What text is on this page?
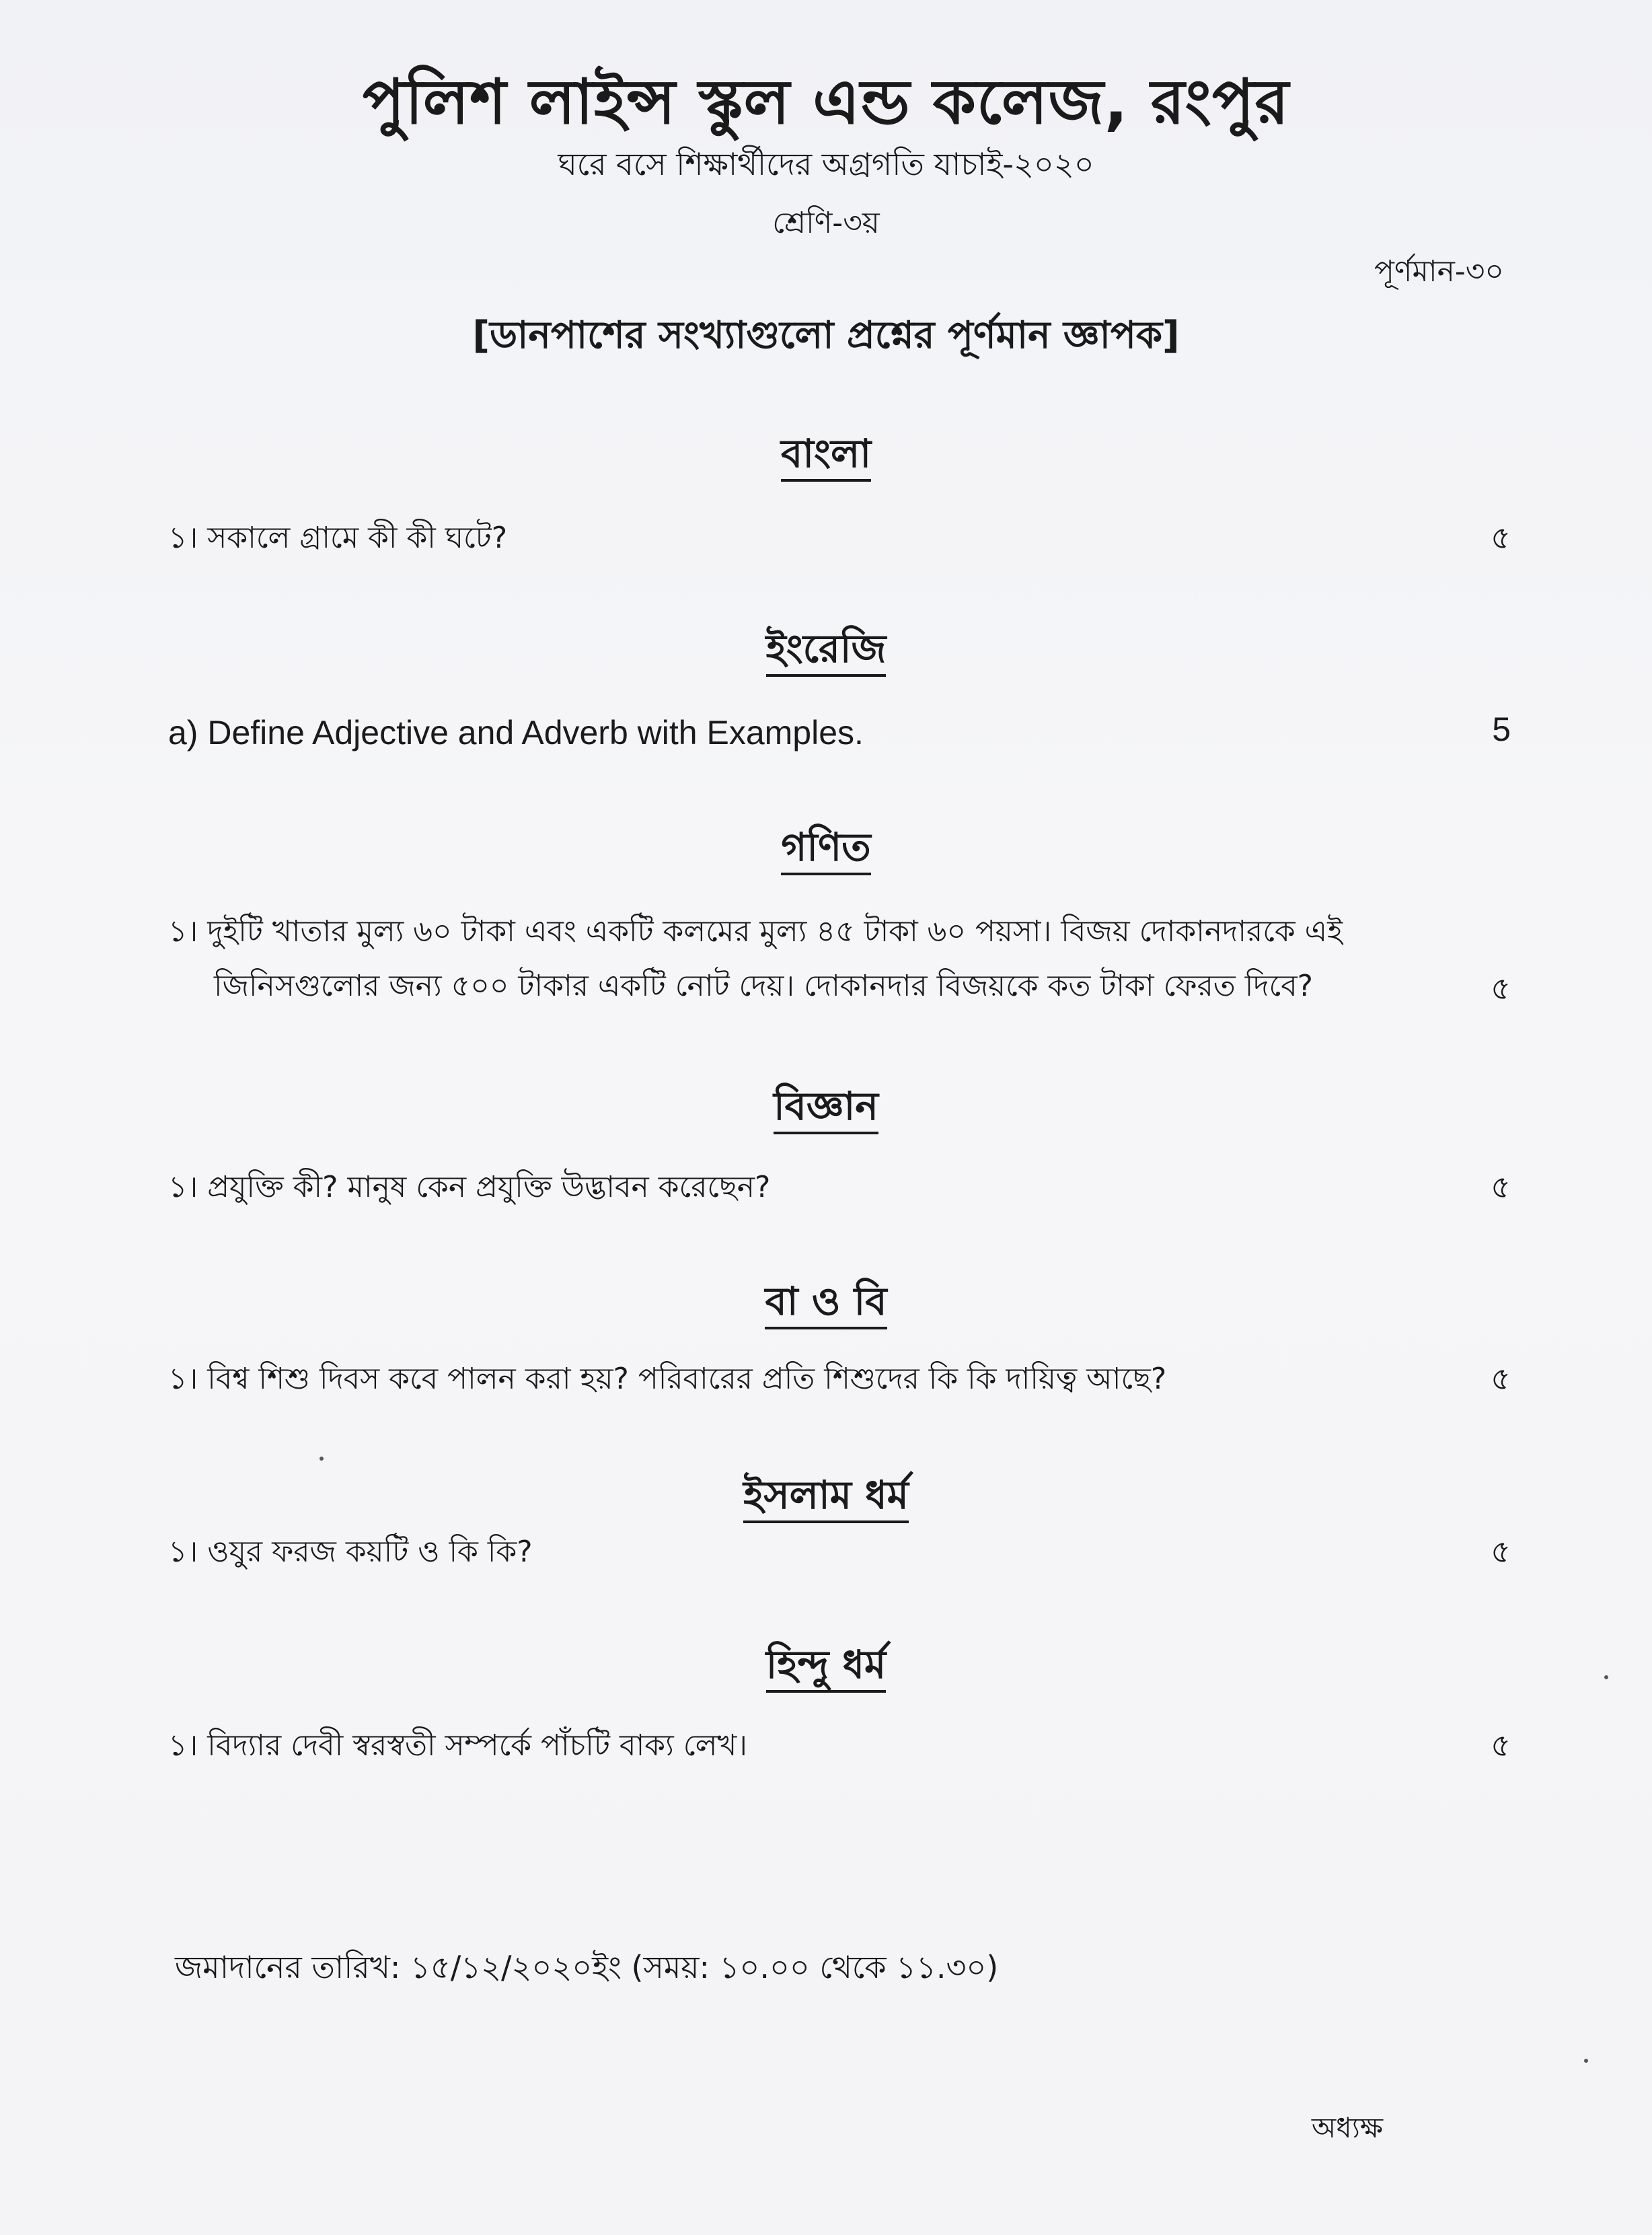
পুলিশ লাইন্স স্কুল এন্ড কলেজ, রংপুর
ঘরে বসে শিক্ষার্থীদের অগ্রগতি যাচাই-২০২০
শ্রেণি-৩য়
পূর্ণমান-৩০
[ডানপাশের সংখ্যাগুলো প্রশ্নের পূর্ণমান জ্ঞাপক]
বাংলা
১। সকালে গ্রামে কী কী ঘটে?	৫
ইংরেজি
a) Define Adjective and Adverb with Examples.	5
গণিত
১। দুইটি খাতার মুল্য ৬০ টাকা এবং একটি কলমের মুল্য ৪৫ টাকা ৬০ পয়সা। বিজয় দোকানদারকে এই
জিনিসগুলোর জন্য ৫০০ টাকার একটি নোট দেয়। দোকানদার বিজয়কে কত টাকা ফেরত দিবে?	৫
বিজ্ঞান
১। প্রযুক্তি কী? মানুষ কেন প্রযুক্তি উদ্ভাবন করেছেন?	৫
বা ও বি
১। বিশ্ব শিশু দিবস কবে পালন করা হয়? পরিবারের প্রতি শিশুদের কি কি দায়িত্ব আছে?	৫
ইসলাম ধর্ম
১। ওযুর ফরজ কয়টি ও কি কি?	৫
হিন্দু ধর্ম
১। বিদ্যার দেবী স্বরস্বতী সম্পর্কে পাঁচটি বাক্য লেখ।	৫
জমাদানের তারিখ: ১৫/১২/২০২০ইং (সময়: ১০.০০ থেকে ১১.৩০)
অধ্যক্ষ
